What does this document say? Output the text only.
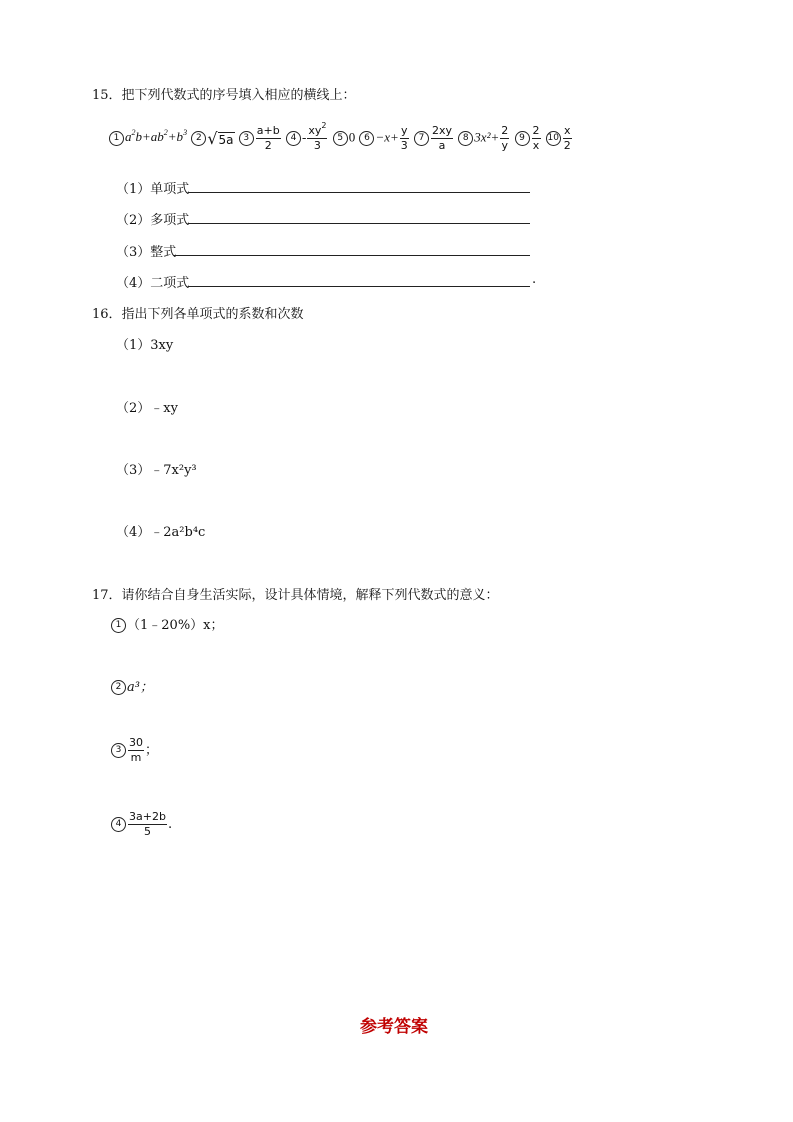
15．把下列代数式的序号填入相应的横线上：
1 $a^2b+ab^2+b^3$ 2 √ 5a $3 \frac{a+b}{2} 4 - \frac{xy^2}{3} 5$ 0 $6 -x+ \frac{y}{3} 7 \frac{2xy}{a} 8$ $3x^2+ \frac{2}{y} 9 \frac{2}{x} 10 \frac{x}{2}$
（1）单项式
（2）多项式
（3）整式
（4）二项式	.
16．指出下列各单项式的系数和次数
（1）3xy
（2）﹣xy
（3）﹣7x²y³
（4）﹣2a²b⁴c
17．请你结合自身生活实际，设计具体情境，解释下列代数式的意义：
1 （1﹣20%）x；
2 a³；
$3 \frac{30}{m}$ ；
$4 \frac{3a+2b}{5}$ .
参考答案
